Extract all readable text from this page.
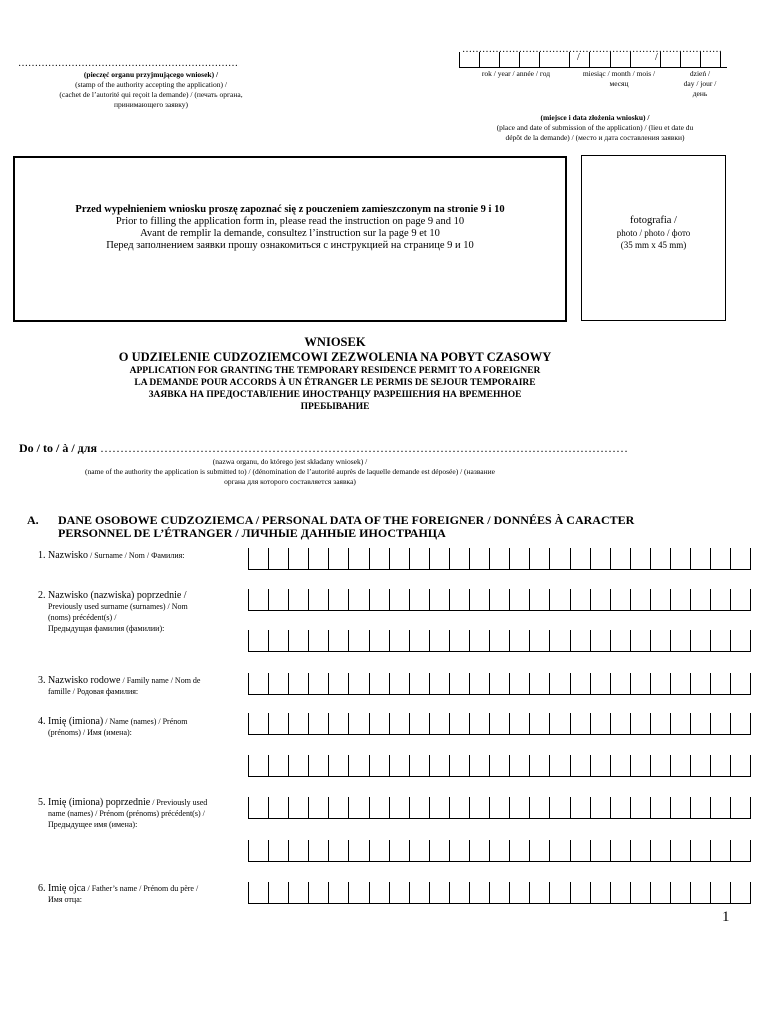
…………………………………………………………
(pieczęć organu przyjmującego wniosek) /
(stamp of the authority accepting the application) /
(cachet de l’autorité qui reçoit la demande) / (печать органа,
принимающего заявку)
……………………………………………………………………
/	/
rok / year / année / год	miesiąc / month / mois /
месяц
dzień /
day / jour /
день
(miejsce i data złożenia wniosku) /
(place and date of submission of the application) / (lieu et date du
dépôt de la demande) / (место и дата составления заявки)
Przed wypełnieniem wniosku proszę zapoznać się z pouczeniem zamieszczonym na stronie 9 i 10
Prior to filling the application form in, please read the instruction on page 9 and 10
Avant de remplir la demande, consultez l’instruction sur la page 9 et 10
Перед заполнением заявки прошу ознакомиться с инструкцией на странице 9 и 10
fotografia /
photo / photo / фото
(35 mm x 45 mm)
WNIOSEK
O UDZIELENIE CUDZOZIEMCOWI ZEZWOLENIA NA POBYT CZASOWY
APPLICATION FOR GRANTING THE TEMPORARY RESIDENCE PERMIT TO A FOREIGNER
LA DEMANDE POUR ACCORDS À UN ÉTRANGER LE PERMIS DE SEJOUR TEMPORAIRE
ЗАЯВКА НА ПРЕДОСТАВЛЕНИЕ ИНОСТРАНЦУ РАЗРЕШЕНИЯ НА ВРЕМЕННОЕ
ПРЕБЫВАНИЕ
Do / to / à / для ……………………………………………………………………………………………………………………
(nazwa organu, do którego jest składany wniosek) /
(name of the authority the application is submitted to) / (dénomination de l’autorité auprès de laquelle demande est déposée) / (название
органа для которого составляется заявка)
A. DANE OSOBOWE CUDZOZIEMCA / PERSONAL DATA OF THE FOREIGNER / DONNÉES À CARACTER
PERSONNEL DE L’ÉTRANGER / ЛИЧНЫЕ ДАННЫЕ ИНОСТРАНЦА
1. Nazwisko / Surname / Nom / Фамилия:
2. Nazwisko (nazwiska) poprzednie /
Previously used surname (surnames) / Nom
(noms) précédent(s) /
Предыдущая фамилия (фамилии):
3. Nazwisko rodowe / Family name / Nom de
famille / Родовая фамилия:
4. Imię (imiona) / Name (names) / Prénom
(prénoms) / Имя (имена):
5. Imię (imiona) poprzednie / Previously used
name (names) / Prénom (prénoms) précédent(s) /
Предыдущее имя (имена):
6. Imię ojca / Father’s name / Prénom du père /
Имя отца:
1
